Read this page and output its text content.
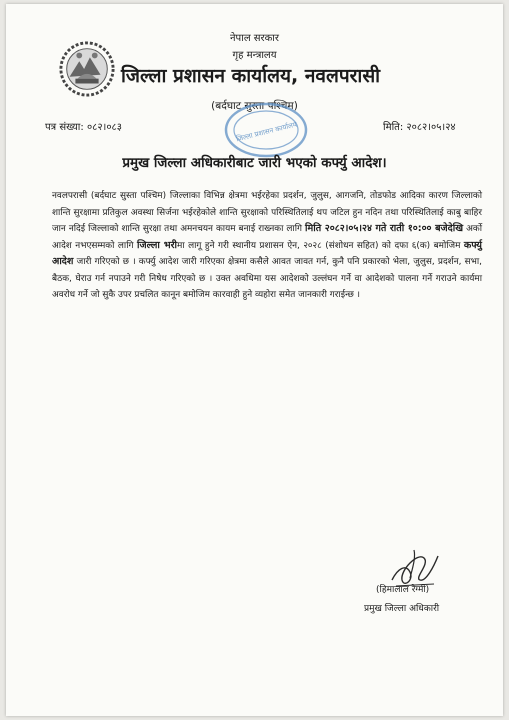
नेपाल सरकार
गृह मन्त्रालय
जिल्ला प्रशासन कार्यालय, नवलपरासी
(बर्दघाट सुस्ता पश्चिम)
जिल्ला प्रशासन कार्यालय
पत्र संख्या: ०८२।०८३	मिति: २०८२।०५।२४
प्रमुख जिल्ला अधिकारीबाट जारी भएको कर्फ्यु आदेश।
नवलपरासी (बर्दघाट सुस्ता पश्चिम) जिल्लाका विभिन्न क्षेत्रमा भईरहेका प्रदर्शन, जुलुस, आगजनि, तोडफोड आदिका कारण जिल्लाको शान्ति सुरक्षामा प्रतिकुल अवस्था सिर्जना भईरहेकोले शान्ति सुरक्षाको परिस्थितिलाई थप जटिल हुन नदिन तथा परिस्थितिलाई काबु बाहिर जान नदिई जिल्लाको शान्ति सुरक्षा तथा अमनचयन कायम बनाई राख्नका लागि मिति २०८२।०५।२४ गते राती १०:०० बजेदेखि अर्को आदेश नभएसम्मको लागि जिल्ला भरीमा लागू हुने गरी स्थानीय प्रशासन ऐन, २०२८ (संशोधन सहित) को दफा ६(क) बमोजिम कर्फ्यु आदेश जारी गरिएको छ । कर्फ्यु आदेश जारी गरिएका क्षेत्रमा कसैले आवत जावत गर्न, कुनै पनि प्रकारको भेला, जुलुस, प्रदर्शन, सभा, बैठक, घेराउ गर्न नपाउने गरी निषेध गरिएको छ । उक्त अवधिमा यस आदेशको उल्लंघन गर्ने वा आदेशको पालना गर्ने गराउने कार्यमा अवरोध गर्ने जो सुकै उपर प्रचलित कानून बमोजिम कारवाही हुने व्यहोरा समेत जानकारी गराईन्छ ।
(हिमालाल रेग्मी)
प्रमुख जिल्ला अधिकारी
